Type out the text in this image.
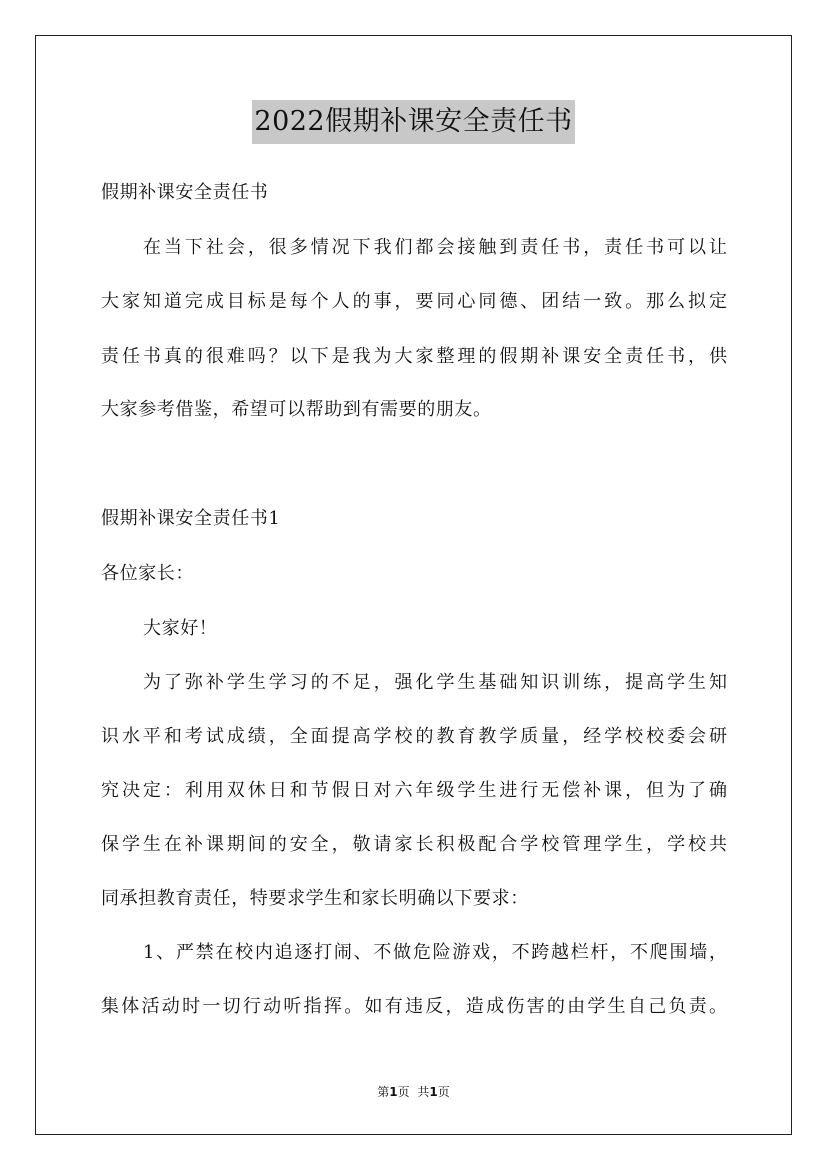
2022假期补课安全责任书
假期补课安全责任书
在当下社会，很多情况下我们都会接触到责任书，责任书可以让
大家知道完成目标是每个人的事，要同心同德、团结一致。那么拟定
责任书真的很难吗？以下是我为大家整理的假期补课安全责任书，供
大家参考借鉴，希望可以帮助到有需要的朋友。
假期补课安全责任书1
各位家长：
大家好！
为了弥补学生学习的不足，强化学生基础知识训练，提高学生知
识水平和考试成绩，全面提高学校的教育教学质量，经学校校委会研
究决定：利用双休日和节假日对六年级学生进行无偿补课，但为了确
保学生在补课期间的安全，敬请家长积极配合学校管理学生，学校共
同承担教育责任，特要求学生和家长明确以下要求：
1、严禁在校内追逐打闹、不做危险游戏，不跨越栏杆，不爬围墙，
集体活动时一切行动听指挥。如有违反，造成伤害的由学生自己负责。
第1页 共1页
